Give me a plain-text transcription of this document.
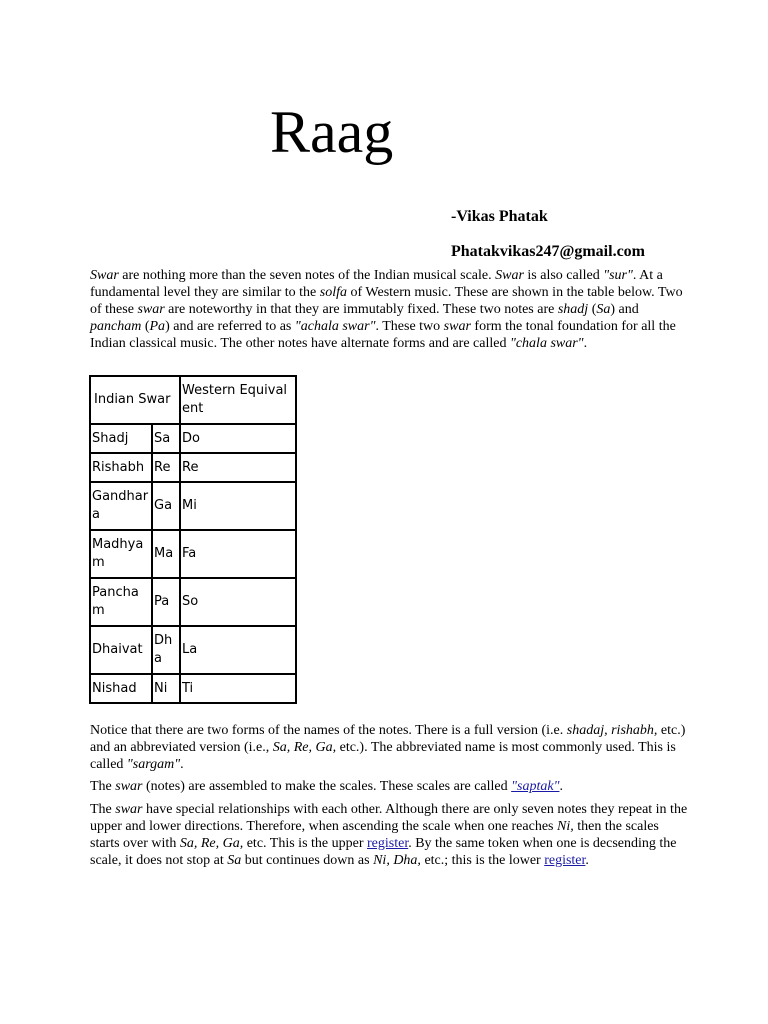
Raag
-Vikas Phatak
Phatakvikas247@gmail.com

Swar are nothing more than the seven notes of the Indian musical scale. Swar is also called "sur". At a fundamental level they are similar to the solfa of Western music. These are shown in the table below. Two of these swar are noteworthy in that they are immutably fixed. These two notes are shadj (Sa) and pancham (Pa) and are referred to as "achala swar". These two swar form the tonal foundation for all the Indian classical music. The other notes have alternate forms and are called "chala swar".

Indian Swar		Western Equivalent
Shadj	Sa	Do
Rishabh	Re	Re
Gandhara	Ga	Mi
Madhyam	Ma	Fa
Pancham	Pa	So
Dhaivat	Dha	La
Nishad	Ni	Ti

Notice that there are two forms of the names of the notes. There is a full version (i.e. shadaj, rishabh, etc.) and an abbreviated version (i.e., Sa, Re, Ga, etc.). The abbreviated name is most commonly used. This is called "sargam".

The swar (notes) are assembled to make the scales. These scales are called "saptak".

The swar have special relationships with each other. Although there are only seven notes they repeat in the upper and lower directions. Therefore, when ascending the scale when one reaches Ni, then the scales starts over with Sa, Re, Ga, etc. This is the upper register. By the same token when one is decsending the scale, it does not stop at Sa but continues down as Ni, Dha, etc.; this is the lower register.
